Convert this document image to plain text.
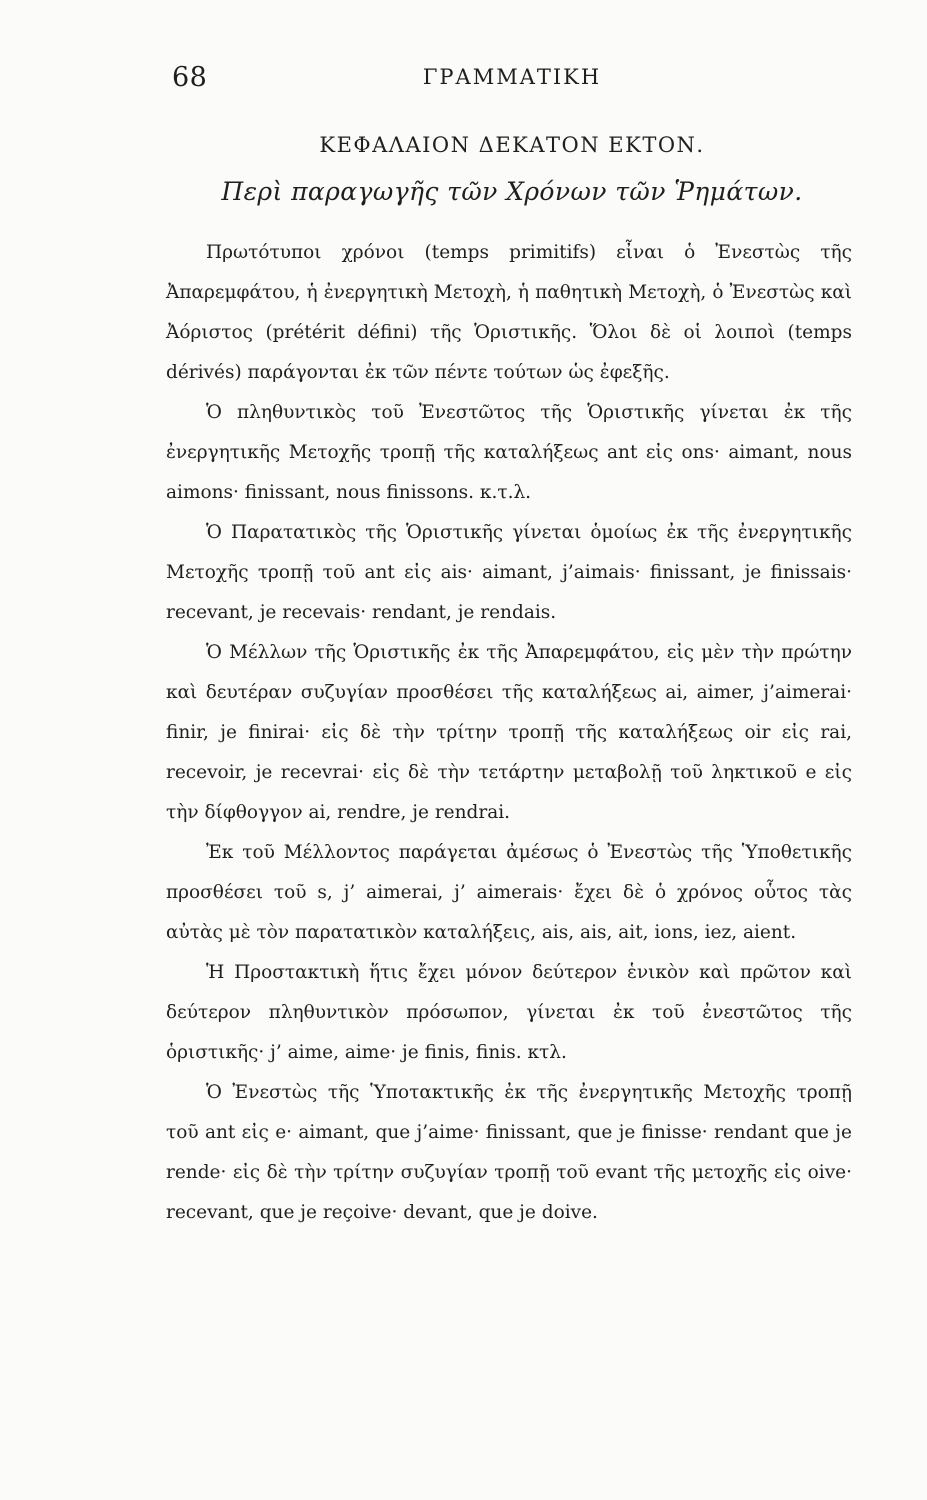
68	ΓΡΑΜΜΑΤΙΚΗ
ΚΕΦΑΛΑΙΟΝ ΔΕΚΑΤΟΝ ΕΚΤΟΝ.
Περὶ παραγωγῆς τῶν Χρόνων τῶν Ῥημάτων.

Πρωτότυποι χρόνοι (temps primitifs) εἶναι ὁ Ἐνεστὼς τῆς Ἀπαρεμφάτου, ἡ ἐνεργητικὴ Μετοχὴ, ἡ παθητικὴ Μετοχὴ, ὁ Ἐνεστὼς καὶ Ἀόριστος (prétérit défini) τῆς Ὁριστικῆς. Ὅλοι δὲ οἱ λοιποὶ (temps dérivés) παράγονται ἐκ τῶν πέντε τούτων ὡς ἐφεξῆς.

Ὁ πληθυντικὸς τοῦ Ἐνεστῶτος τῆς Ὁριστικῆς γίνεται ἐκ τῆς ἐνεργητικῆς Μετοχῆς τροπῇ τῆς καταλήξεως ant εἰς ons· aimant, nous aimons· finissant, nous finissons. κ.τ.λ.

Ὁ Παρατατικὸς τῆς Ὁριστικῆς γίνεται ὁμοίως ἐκ τῆς ἐνεργητικῆς Μετοχῆς τροπῇ τοῦ ant εἰς ais· aimant, j’aimais· finissant, je finissais· recevant, je recevais· rendant, je rendais.

Ὁ Μέλλων τῆς Ὁριστικῆς ἐκ τῆς Ἀπαρεμφάτου, εἰς μὲν τὴν πρώτην καὶ δευτέραν συζυγίαν προσθέσει τῆς καταλήξεως ai, aimer, j’aimerai· finir, je finirai· εἰς δὲ τὴν τρίτην τροπῇ τῆς καταλήξεως oir εἰς rai, recevoir, je recevrai· εἰς δὲ τὴν τετάρτην μεταβολῇ τοῦ ληκτικοῦ e εἰς τὴν δίφθογγον ai, rendre, je rendrai.

Ἐκ τοῦ Μέλλοντος παράγεται ἀμέσως ὁ Ἐνεστὼς τῆς Ὑποθετικῆς προσθέσει τοῦ s, j’ aimerai, j’ aimerais· ἔχει δὲ ὁ χρόνος οὗτος τὰς αὐτὰς μὲ τὸν παρατατικὸν καταλήξεις, ais, ais, ait, ions, iez, aient.

Ἡ Προστακτικὴ ἥτις ἔχει μόνον δεύτερον ἑνικὸν καὶ πρῶτον καὶ δεύτερον πληθυντικὸν πρόσωπον, γίνεται ἐκ τοῦ ἐνεστῶτος τῆς ὁριστικῆς· j’ aime, aime· je finis, finis. κτλ.

Ὁ Ἐνεστὼς τῆς Ὑποτακτικῆς ἐκ τῆς ἐνεργητικῆς Μετοχῆς τροπῇ τοῦ ant εἰς e· aimant, que j’aime· finissant, que je finisse· rendant que je rende· εἰς δὲ τὴν τρίτην συζυγίαν τροπῇ τοῦ evant τῆς μετοχῆς εἰς oive· recevant, que je reçoive· devant, que je doive.
